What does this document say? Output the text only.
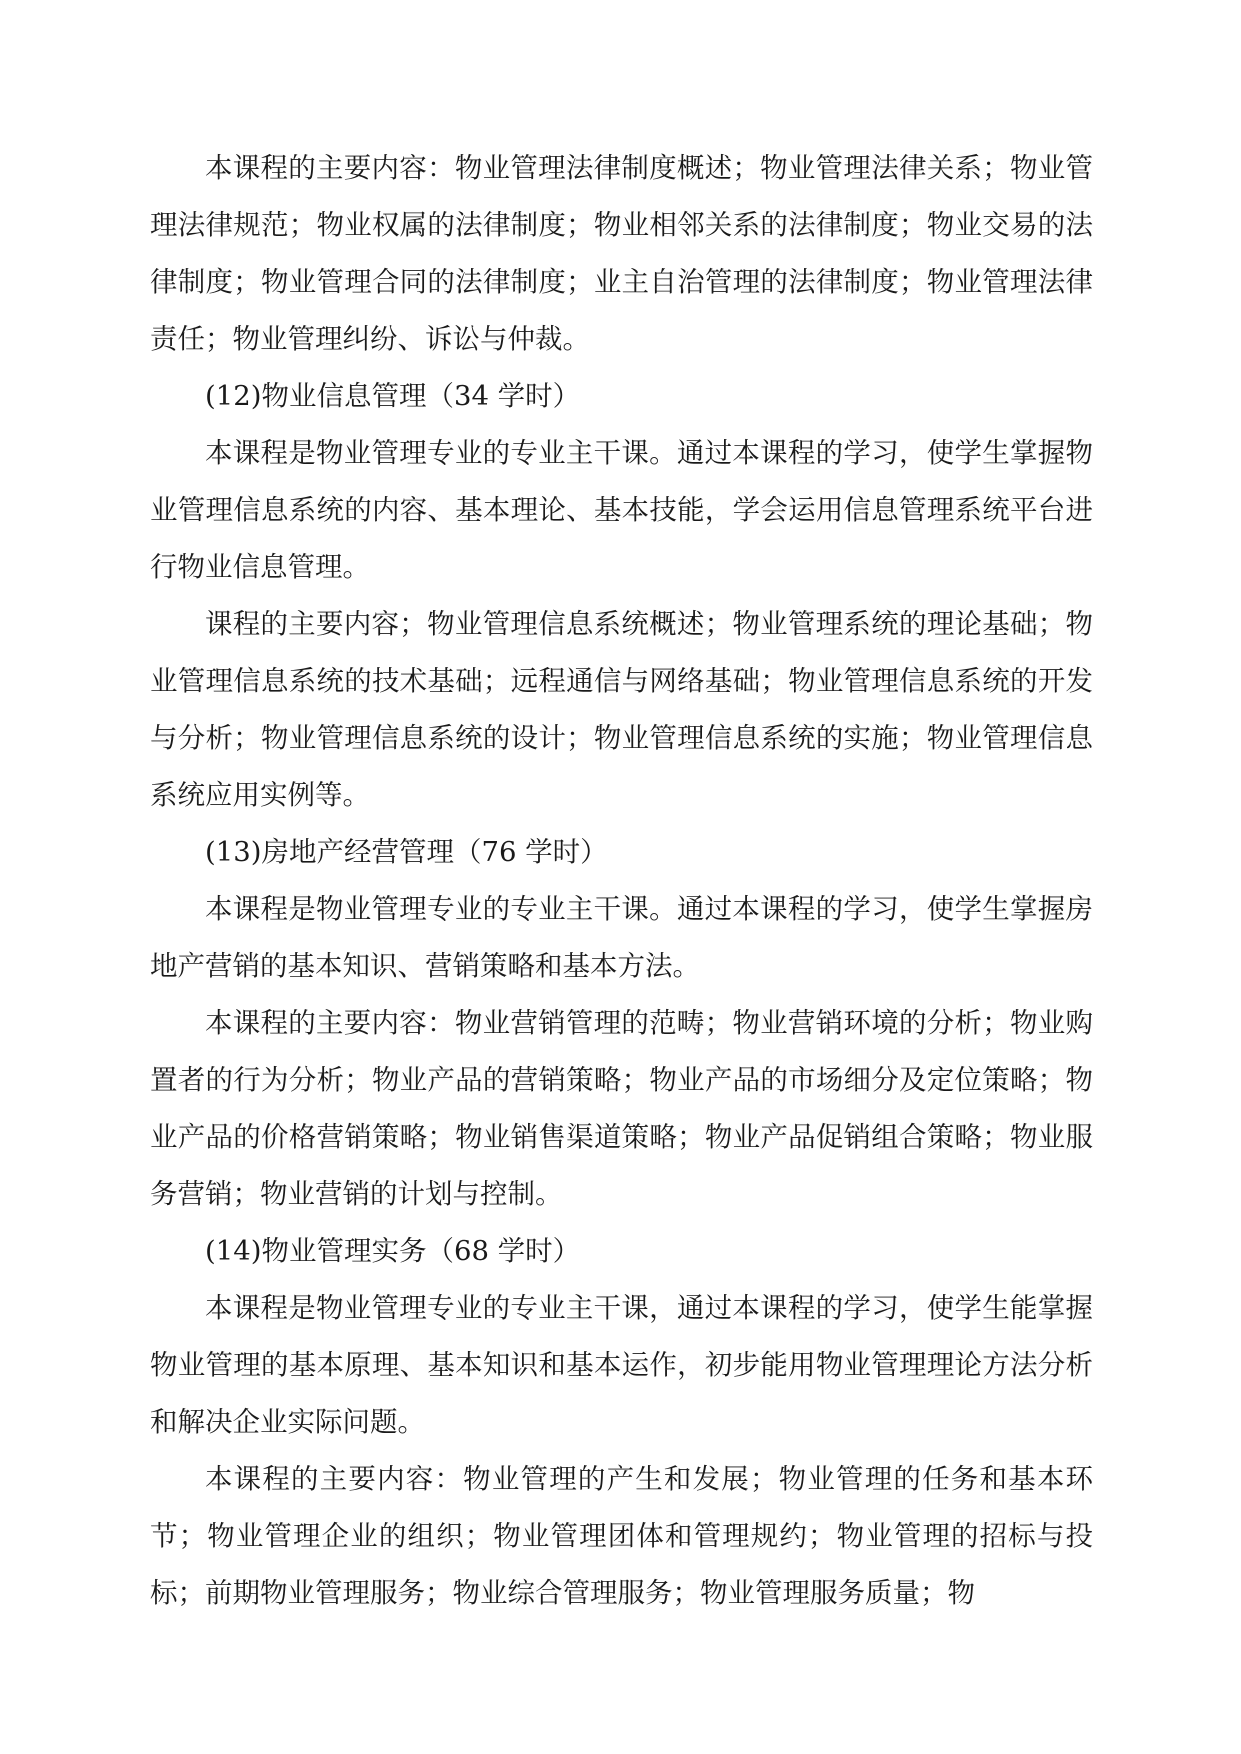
本课程的主要内容：物业管理法律制度概述；物业管理法律关系；物业管理法律规范；物业权属的法律制度；物业相邻关系的法律制度；物业交易的法律制度；物业管理合同的法律制度；业主自治管理的法律制度；物业管理法律责任；物业管理纠纷、诉讼与仲裁。

(12)物业信息管理（34 学时）

本课程是物业管理专业的专业主干课。通过本课程的学习，使学生掌握物业管理信息系统的内容、基本理论、基本技能，学会运用信息管理系统平台进行物业信息管理。

课程的主要内容；物业管理信息系统概述；物业管理系统的理论基础；物业管理信息系统的技术基础；远程通信与网络基础；物业管理信息系统的开发与分析；物业管理信息系统的设计；物业管理信息系统的实施；物业管理信息系统应用实例等。

(13)房地产经营管理（76 学时）

本课程是物业管理专业的专业主干课。通过本课程的学习，使学生掌握房地产营销的基本知识、营销策略和基本方法。

本课程的主要内容：物业营销管理的范畴；物业营销环境的分析；物业购置者的行为分析；物业产品的营销策略；物业产品的市场细分及定位策略；物业产品的价格营销策略；物业销售渠道策略；物业产品促销组合策略；物业服务营销；物业营销的计划与控制。

(14)物业管理实务（68 学时）

本课程是物业管理专业的专业主干课，通过本课程的学习，使学生能掌握物业管理的基本原理、基本知识和基本运作，初步能用物业管理理论方法分析和解决企业实际问题。

本课程的主要内容：物业管理的产生和发展；物业管理的任务和基本环节；物业管理企业的组织；物业管理团体和管理规约；物业管理的招标与投标；前期物业管理服务；物业综合管理服务；物业管理服务质量；物
